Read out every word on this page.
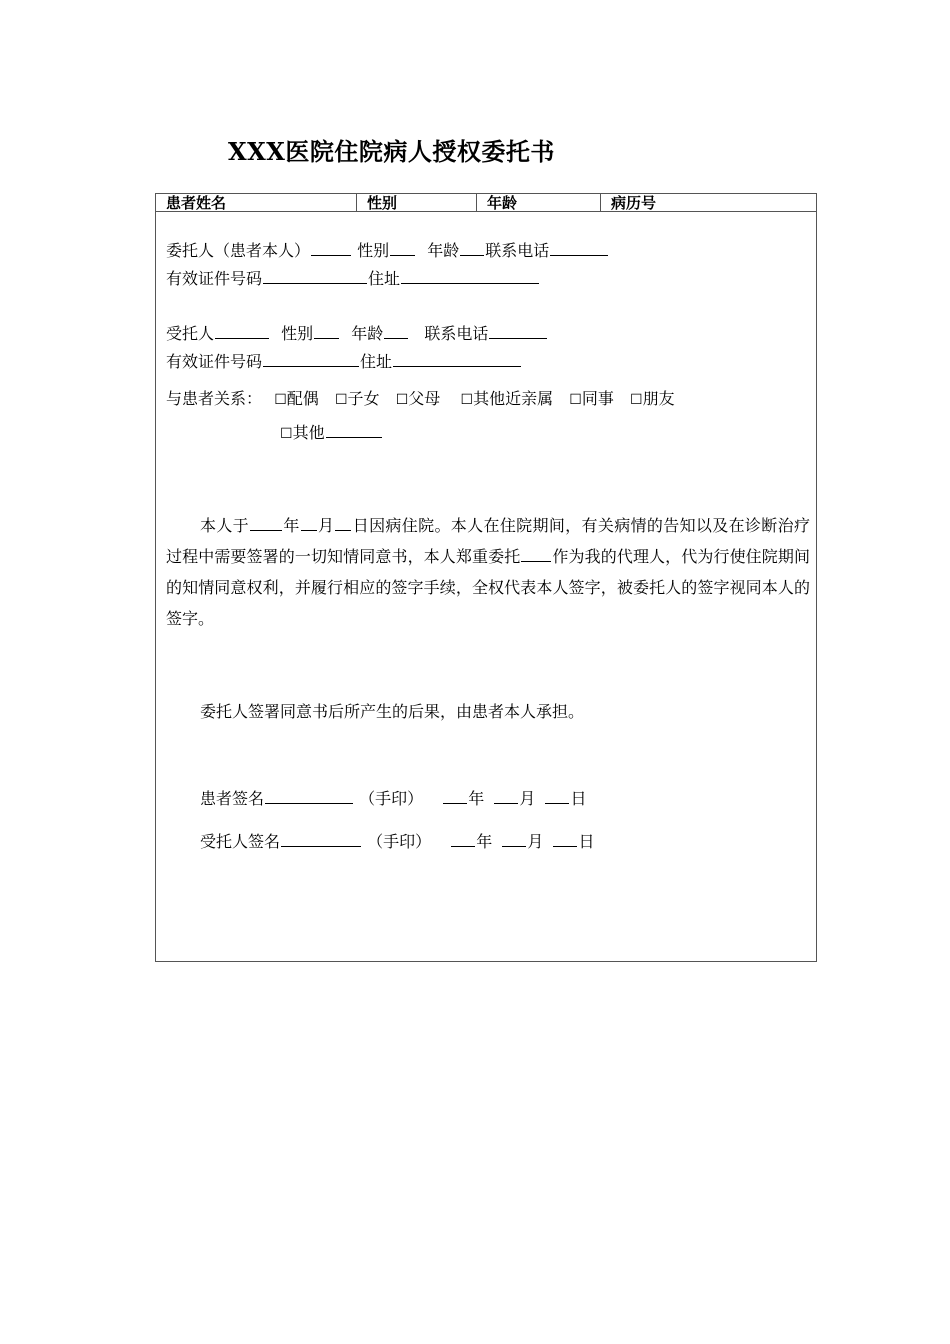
XXX医院住院病人授权委托书
患者姓名	性别	年龄	病历号
委托人（患者本人）	性别 年龄 联系电话
有效证件号码	住址
受托人	性别 年龄	联系电话
有效证件号码	住址
与患者关系： ☐配偶 ☐子女 ☐父母 ☐其他近亲属 ☐同事 ☐朋友
☐其他
本人于 年 月 日因病住院。本人在住院期间，有关病情的告知以及在诊断治疗过程中需要签署的一切知情同意书，本人郑重委托 作为我的代理人，代为行使住院期间的知情同意权利，并履行相应的签字手续，全权代表本人签字，被委托人的签字视同本人的签字。
委托人签署同意书后所产生的后果，由患者本人承担。
患者签名	（手印）	年 月 日
受托人签名	（手印）	年 月 日
